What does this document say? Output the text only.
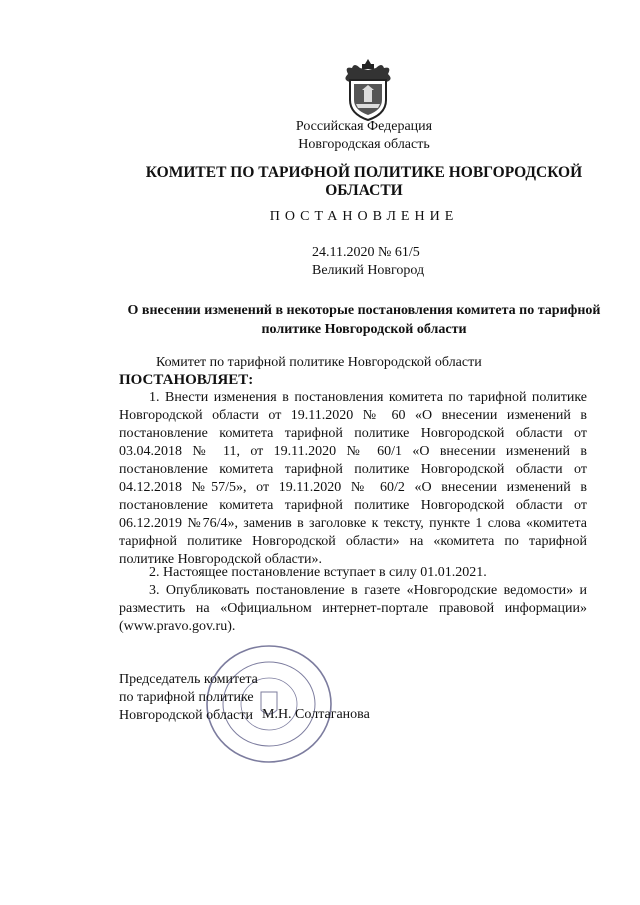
Российская Федерация
Новгородская область
КОМИТЕТ ПО ТАРИФНОЙ ПОЛИТИКЕ НОВГОРОДСКОЙ ОБЛАСТИ
ПОСТАНОВЛЕНИЕ
24.11.2020 № 61/5
Великий Новгород
О внесении изменений в некоторые постановления комитета по тарифной политике Новгородской области
Комитет по тарифной политике Новгородской области
ПОСТАНОВЛЯЕТ:
1. Внести изменения в постановления комитета по тарифной политике Новгородской области от 19.11.2020 № 60 «О внесении изменений в постановление комитета тарифной политике Новгородской области от 03.04.2018 № 11, от 19.11.2020 № 60/1 «О внесении изменений в постановление комитета тарифной политике Новгородской области от 04.12.2018 №57/5», от 19.11.2020 № 60/2 «О внесении изменений в постановление комитета тарифной политике Новгородской области от 06.12.2019 №76/4», заменив в заголовке к тексту, пункте 1 слова «комитета тарифной политике Новгородской области» на «комитета по тарифной политике Новгородской области».
2. Настоящее постановление вступает в силу 01.01.2021.
3. Опубликовать постановление в газете «Новгородские ведомости» и разместить на «Официальном интернет-портале правовой информации» (www.pravo.gov.ru).
Председатель комитета
по тарифной политике
Новгородской области М.Н. Солтаганова
